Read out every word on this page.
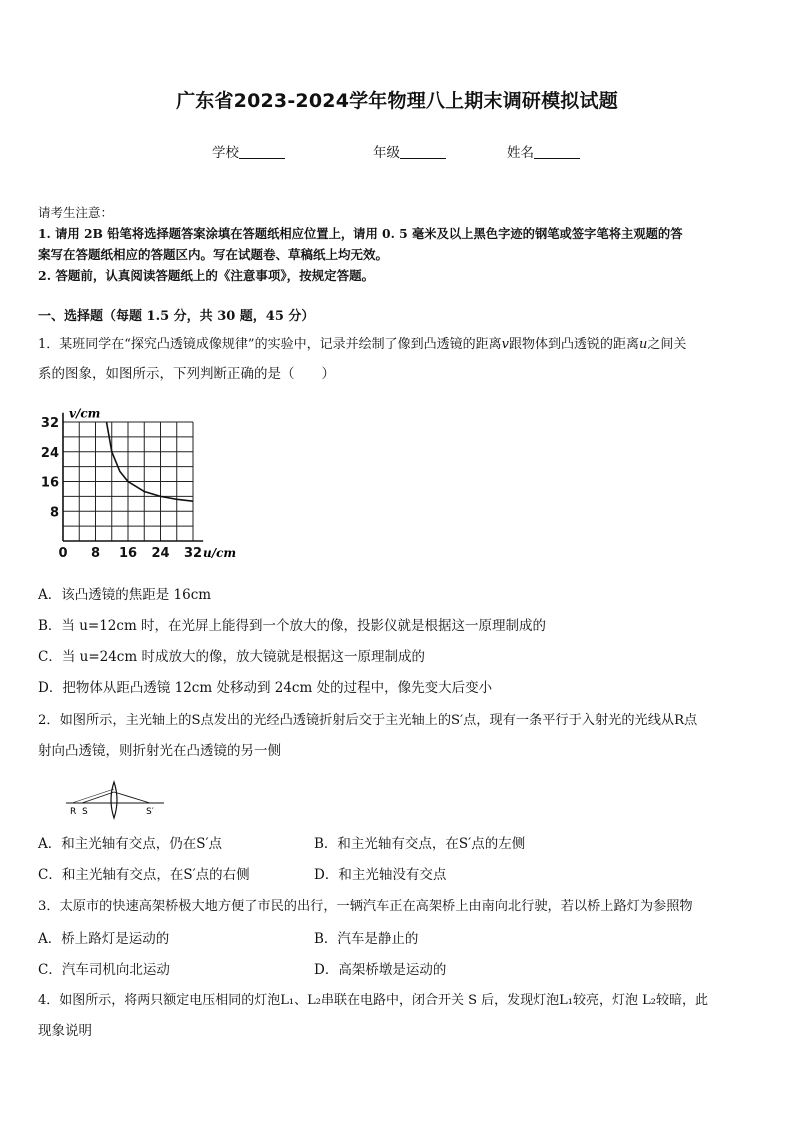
广东省2023-2024学年物理八上期末调研模拟试题
学校	年级	姓名
请考生注意：
1. 请用 2B 铅笔将选择题答案涂填在答题纸相应位置上，请用 0. 5 毫米及以上黑色字迹的钢笔或签字笔将主观题的答
案写在答题纸相应的答题区内。写在试题卷、草稿纸上均无效。
2. 答题前，认真阅读答题纸上的《注意事项》，按规定答题。
一、选择题（每题 1.5 分，共 30 题，45 分）
1．某班同学在“探究凸透镜成像规律”的实验中，记录并绘制了像到凸透镜的距离v跟物体到凸透锐的距离u之间关
系的图象，如图所示，下列判断正确的是（　　）
0 8 16 24 32
8
16
24
32
v/cm
u/cm
A．该凸透镜的焦距是 16cm
B．当 u=12cm 时，在光屏上能得到一个放大的像，投影仪就是根据这一原理制成的
C．当 u=24cm 时成放大的像，放大镜就是根据这一原理制成的
D．把物体从距凸透镜 12cm 处移动到 24cm 处的过程中，像先变大后变小
2．如图所示，主光轴上的S点发出的光经凸透镜折射后交于主光轴上的S′点，现有一条平行于入射光的光线从R点
射向凸透镜，则折射光在凸透镜的另一侧
R S	S′
A．和主光轴有交点，仍在S′点	B．和主光轴有交点，在S′点的左侧
C．和主光轴有交点，在S′点的右侧	D．和主光轴没有交点
3．太原市的快速高架桥极大地方便了市民的出行，一辆汽车正在高架桥上由南向北行驶，若以桥上路灯为参照物
A．桥上路灯是运动的	B．汽车是静止的
C．汽车司机向北运动	D．高架桥墩是运动的
4．如图所示，将两只额定电压相同的灯泡L₁、L₂串联在电路中，闭合开关 S 后，发现灯泡L₁较亮，灯泡 L₂较暗，此
现象说明
